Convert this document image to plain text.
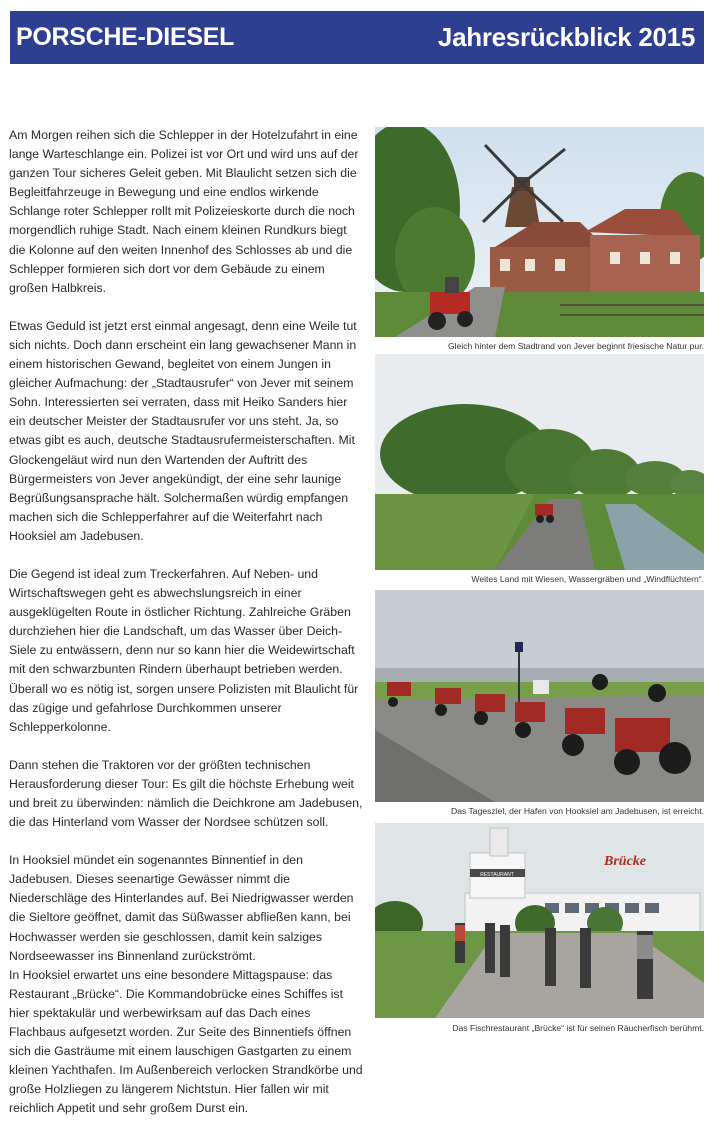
PORSCHE-DIESEL	Jahresrückblick 2015

Am Morgen reihen sich die Schlepper in der Hotelzufahrt in eine lange Warteschlange ein. Polizei ist vor Ort und wird uns auf der ganzen Tour sicheres Geleit geben. Mit Blaulicht setzen sich die Begleitfahrzeuge in Bewegung und eine endlos wirkende Schlange roter Schlepper rollt mit Polizeieskorte durch die noch morgendlich ruhige Stadt. Nach einem kleinen Rundkurs biegt die Kolonne auf den weiten Innenhof des Schlosses ab und die Schlepper formieren sich dort vor dem Gebäude zu einem großen Halbkreis.

Etwas Geduld ist jetzt erst einmal angesagt, denn eine Weile tut sich nichts. Doch dann erscheint ein lang gewachsener Mann in einem historischen Gewand, begleitet von einem Jungen in gleicher Aufmachung: der „Stadtausrufer“ von Jever mit seinem Sohn. Interessierten sei verraten, dass mit Heiko Sanders hier ein deutscher Meister der Stadtausrufer vor uns steht. Ja, so etwas gibt es auch, deutsche Stadtausrufermeisterschaften. Mit Glockengeläut wird nun den Wartenden der Auftritt des Bürgermeisters von Jever angekündigt, der eine sehr launige Begrüßungsansprache hält. Solchermaßen würdig empfangen machen sich die Schlepperfahrer auf die Weiterfahrt nach Hooksiel am Jadebusen.

Die Gegend ist ideal zum Treckerfahren. Auf Neben- und Wirtschaftswegen geht es abwechslungsreich in einer ausgeklügelten Route in östlicher Richtung. Zahlreiche Gräben durchziehen hier die Landschaft, um das Wasser über Deich-Siele zu entwässern, denn nur so kann hier die Weidewirtschaft mit den schwarzbunten Rindern überhaupt betrieben werden. Überall wo es nötig ist, sorgen unsere Polizisten mit Blaulicht für das zügige und gefahrlose Durchkommen unserer Schlepperkolonne.

Dann stehen die Traktoren vor der größten technischen Herausforderung dieser Tour: Es gilt die höchste Erhebung weit und breit zu überwinden: nämlich die Deichkrone am Jadebusen, die das Hinterland vom Wasser der Nordsee schützen soll.

In Hooksiel mündet ein sogenanntes Binnentief in den Jadebusen. Dieses seenartige Gewässer nimmt die Niederschläge des Hinterlandes auf. Bei Niedrigwasser werden die Sieltore geöffnet, damit das Süßwasser abfließen kann, bei Hochwasser werden sie geschlossen, damit kein salziges Nordseewasser ins Binnenland zurückströmt.

In Hooksiel erwartet uns eine besondere Mittagspause: das Restaurant „Brücke“. Die Kommandobrücke eines Schiffes ist hier spektakulär und werbewirksam auf das Dach eines Flachbaus aufgesetzt worden. Zur Seite des Binnentiefs öffnen sich die Gasträume mit einem lauschigen Gastgarten zu einem kleinen Yachthafen. Im Außenbereich verlocken Strandkörbe und große Holzliegen zu längerem Nichtstun. Hier fallen wir mit reichlich Appetit und sehr großem Durst ein.

Gleich hinter dem Stadtrand von Jever beginnt friesische Natur pur.
Weites Land mit Wiesen, Wassergräben und „Windflüchtern“.
Das Tagesziel, der Hafen von Hooksiel am Jadebusen, ist erreicht.
RESTAURANT
Brücke
Das Fischrestaurant „Brücke“ ist für seinen Räucherfisch berühmt.
